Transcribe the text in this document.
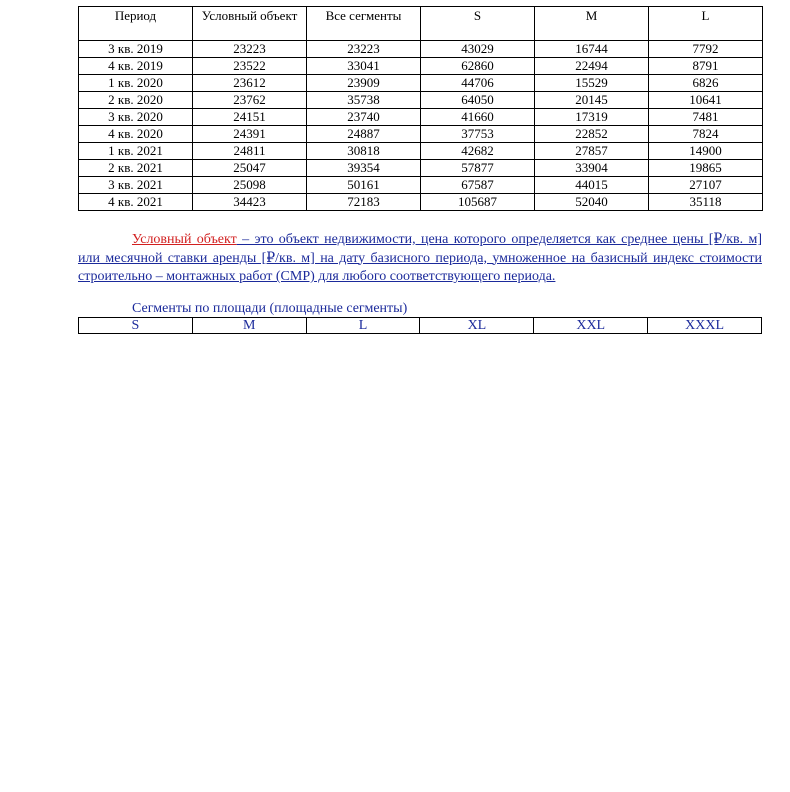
Период	Условный объект	Все сегменты	S	M	L
3 кв. 2019	23223	23223	43029	16744	7792
4 кв. 2019	23522	33041	62860	22494	8791
1 кв. 2020	23612	23909	44706	15529	6826
2 кв. 2020	23762	35738	64050	20145	10641
3 кв. 2020	24151	23740	41660	17319	7481
4 кв. 2020	24391	24887	37753	22852	7824
1 кв. 2021	24811	30818	42682	27857	14900
2 кв. 2021	25047	39354	57877	33904	19865
3 кв. 2021	25098	50161	67587	44015	27107
4 кв. 2021	34423	72183	105687	52040	35118

Условный объект – это объект недвижимости, цена которого определяется как среднее цены [₽/кв. м] или месячной ставки аренды [₽/кв. м] на дату базисного периода, умноженное на базисный индекс стоимости строительно – монтажных работ (СМР) для любого соответствующего периода.

Сегменты по площади (площадные сегменты)
S	M	L	XL	XXL	XXXL
